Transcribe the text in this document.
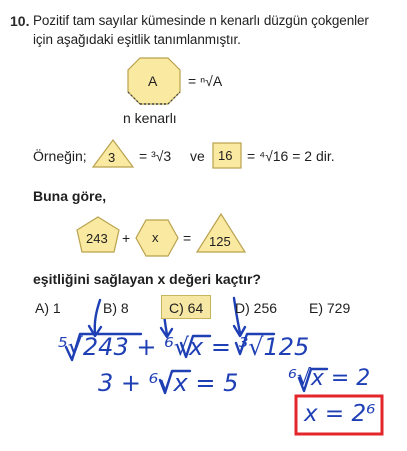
10. Pozitif tam sayılar kümesinde n kenarlı düzgün çokgenler
için aşağıdaki eşitlik tanımlanmıştır.
A = ⁿ√A
n kenarlı
Örneğin; 3 = ³√3 ve 16 = ⁴√16 = 2 dir.
Buna göre,
243 + x = 125
eşitliğini sağlayan x değeri kaçtır?
A) 1	B) 8	C) 64 D) 256 E) 729
⁵√243 + ⁶√x = ³√125
3 + ⁶√x = 5 ⁶√x = 2
x = 2⁶
